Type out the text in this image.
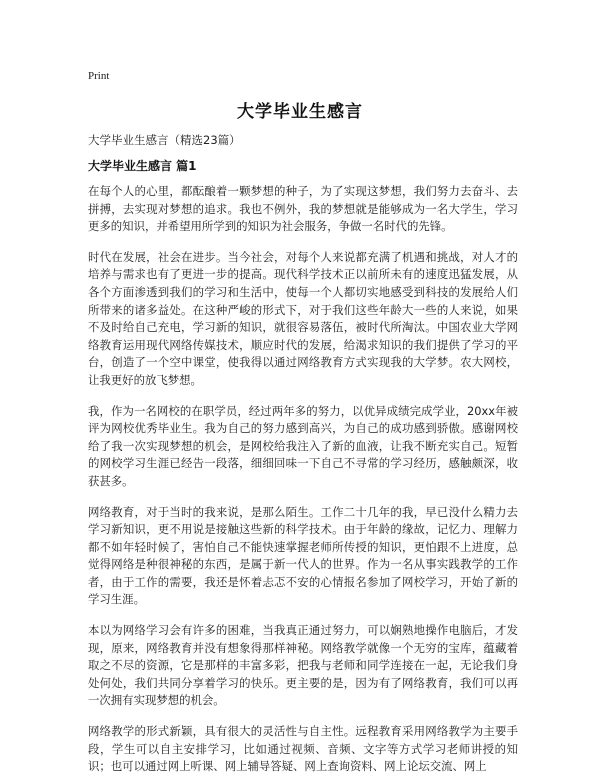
Print
大学毕业生感言
大学毕业生感言（精选23篇）
大学毕业生感言 篇1

在每个人的心里，都酝酿着一颗梦想的种子，为了实现这梦想，我们努力去奋斗、去拼搏，去实现对梦想的追求。我也不例外，我的梦想就是能够成为一名大学生，学习更多的知识，并希望用所学到的知识为社会服务，争做一名时代的先锋。

时代在发展，社会在进步。当今社会，对每个人来说都充满了机遇和挑战，对人才的培养与需求也有了更进一步的提高。现代科学技术正以前所未有的速度迅猛发展，从各个方面渗透到我们的学习和生活中，使每一个人都切实地感受到科技的发展给人们所带来的诸多益处。在这种严峻的形式下，对于我们这些年龄大一些的人来说，如果不及时给自己充电，学习新的知识，就很容易落伍，被时代所淘汰。中国农业大学网络教育运用现代网络传媒技术，顺应时代的发展，给渴求知识的我们提供了学习的平台，创造了一个空中课堂，使我得以通过网络教育方式实现我的大学梦。农大网校，让我更好的放飞梦想。

我，作为一名网校的在职学员，经过两年多的努力，以优异成绩完成学业，20xx年被评为网校优秀毕业生。我为自己的努力感到高兴，为自己的成功感到骄傲。感谢网校给了我一次实现梦想的机会，是网校给我注入了新的血液，让我不断充实自己。短暂的网校学习生涯已经告一段落，细细回味一下自己不寻常的学习经历，感触颇深，收获甚多。

网络教育，对于当时的我来说，是那么陌生。工作二十几年的我，早已没什么精力去学习新知识，更不用说是接触这些新的科学技术。由于年龄的缘故，记忆力、理解力都不如年轻时候了，害怕自己不能快速掌握老师所传授的知识，更怕跟不上进度，总觉得网络是种很神秘的东西，是属于新一代人的世界。作为一名从事实践教学的工作者，由于工作的需要，我还是怀着忐忑不安的心情报名参加了网校学习，开始了新的学习生涯。

本以为网络学习会有许多的困难，当我真正通过努力，可以娴熟地操作电脑后，才发现，原来，网络教育并没有想象得那样神秘。网络教学就像一个无穷的宝库，蕴藏着取之不尽的资源，它是那样的丰富多彩，把我与老师和同学连接在一起，无论我们身处何处，我们共同分享着学习的快乐。更主要的是，因为有了网络教育，我们可以再一次拥有实现梦想的机会。

网络教学的形式新颖，具有很大的灵活性与自主性。远程教育采用网络教学为主要手段，学生可以自主安排学习，比如通过视频、音频、文字等方式学习老师讲授的知识；也可以通过网上听课、网上辅导答疑、网上查询资料、网上论坛交流、网上
